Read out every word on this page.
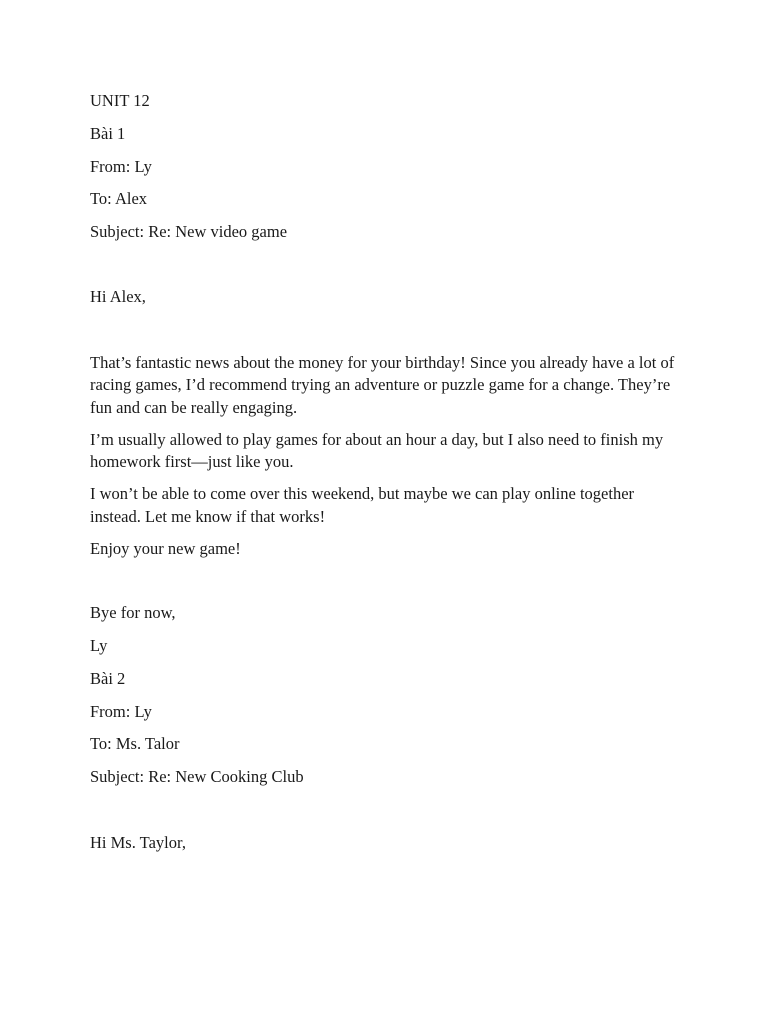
UNIT 12

Bài 1

From: Ly

To: Alex

Subject: Re: New video game

Hi Alex,

That’s fantastic news about the money for your birthday! Since you already have a lot of racing games, I’d recommend trying an adventure or puzzle game for a change. They’re fun and can be really engaging.

I’m usually allowed to play games for about an hour a day, but I also need to finish my homework first—just like you.

I won’t be able to come over this weekend, but maybe we can play online together instead. Let me know if that works!

Enjoy your new game!

Bye for now,

Ly

Bài 2

From: Ly

To: Ms. Talor

Subject: Re: New Cooking Club

Hi Ms. Taylor,
